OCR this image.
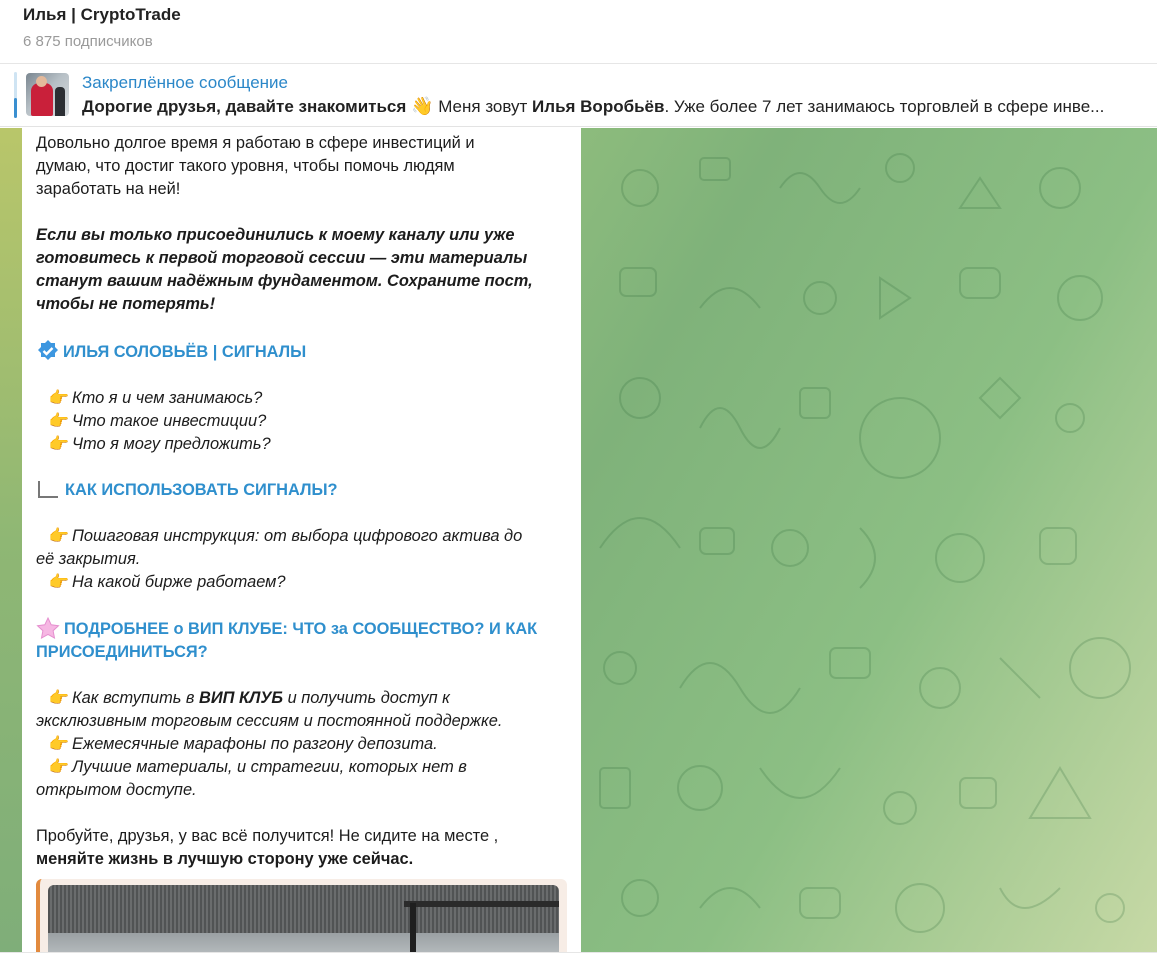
Илья | CryptoTrade
6 875 подписчиков
Закреплённое сообщение
Дорогие друзья, давайте знакомиться 👋 Меня зовут Илья Воробьёв. Уже более 7 лет занимаюсь торговлей в сфере инве...
Довольно долгое время я работаю в сфере инвестиций и
думаю, что достиг такого уровня, чтобы помочь людям
заработать на ней!
Если вы только присоединились к моему каналу или уже
готовитесь к первой торговой сессии — эти материалы
станут вашим надёжным фундаментом. Сохраните пост,
чтобы не потерять!
ИЛЬЯ СОЛОВЬЁВ | СИГНАЛЫ
👉 Кто я и чем занимаюсь?
👉 Что такое инвестиции?
👉 Что я могу предложить?
КАК ИСПОЛЬЗОВАТЬ СИГНАЛЫ?
👉 Пошаговая инструкция: от выбора цифрового актива до
её закрытия.
👉 На какой бирже работаем?
ПОДРОБНЕЕ о ВИП КЛУБЕ: ЧТО за СООБЩЕСТВО? И КАК
ПРИСОЕДИНИТЬСЯ?
👉 Как вступить в ВИП КЛУБ и получить доступ к
эксклюзивным торговым сессиям и постоянной поддержке.
👉 Ежемесячные марафоны по разгону депозита.
👉 Лучшие материалы, и стратегии, которых нет в
открытом доступе.
Пробуйте, друзья, у вас всё получится! Не сидите на месте ,
меняйте жизнь в лучшую сторону уже сейчас.
